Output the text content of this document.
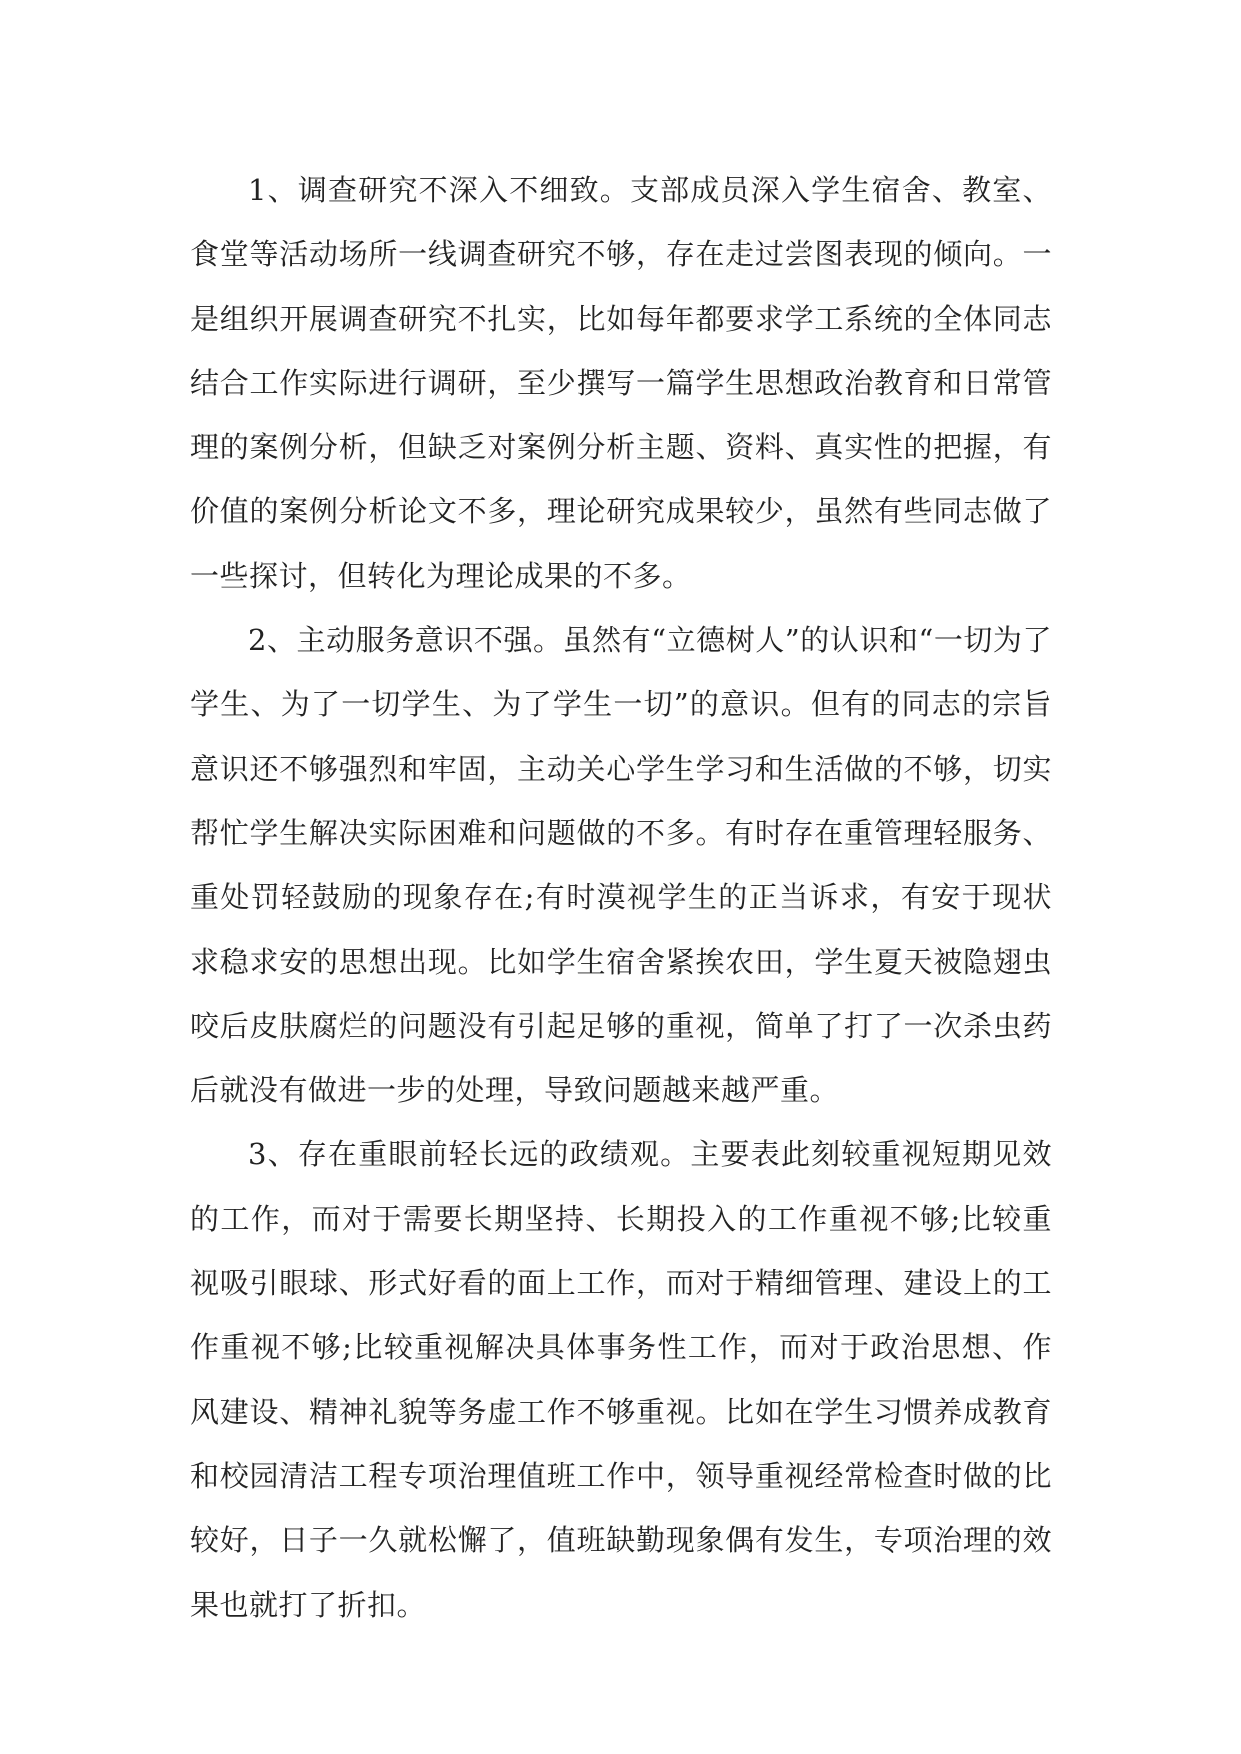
1、调查研究不深入不细致。支部成员深入学生宿舍、教室、食堂等活动场所一线调查研究不够，存在走过尝图表现的倾向。一是组织开展调查研究不扎实，比如每年都要求学工系统的全体同志结合工作实际进行调研，至少撰写一篇学生思想政治教育和日常管理的案例分析，但缺乏对案例分析主题、资料、真实性的把握，有价值的案例分析论文不多，理论研究成果较少，虽然有些同志做了一些探讨，但转化为理论成果的不多。

2、主动服务意识不强。虽然有“立德树人”的认识和“一切为了学生、为了一切学生、为了学生一切”的意识。但有的同志的宗旨意识还不够强烈和牢固，主动关心学生学习和生活做的不够，切实帮忙学生解决实际困难和问题做的不多。有时存在重管理轻服务、重处罚轻鼓励的现象存在;有时漠视学生的正当诉求，有安于现状求稳求安的思想出现。比如学生宿舍紧挨农田，学生夏天被隐翅虫咬后皮肤腐烂的问题没有引起足够的重视，简单了打了一次杀虫药后就没有做进一步的处理，导致问题越来越严重。

3、存在重眼前轻长远的政绩观。主要表此刻较重视短期见效的工作，而对于需要长期坚持、长期投入的工作重视不够;比较重视吸引眼球、形式好看的面上工作，而对于精细管理、建设上的工作重视不够;比较重视解决具体事务性工作，而对于政治思想、作风建设、精神礼貌等务虚工作不够重视。比如在学生习惯养成教育和校园清洁工程专项治理值班工作中，领导重视经常检查时做的比较好，日子一久就松懈了，值班缺勤现象偶有发生，专项治理的效果也就打了折扣。
